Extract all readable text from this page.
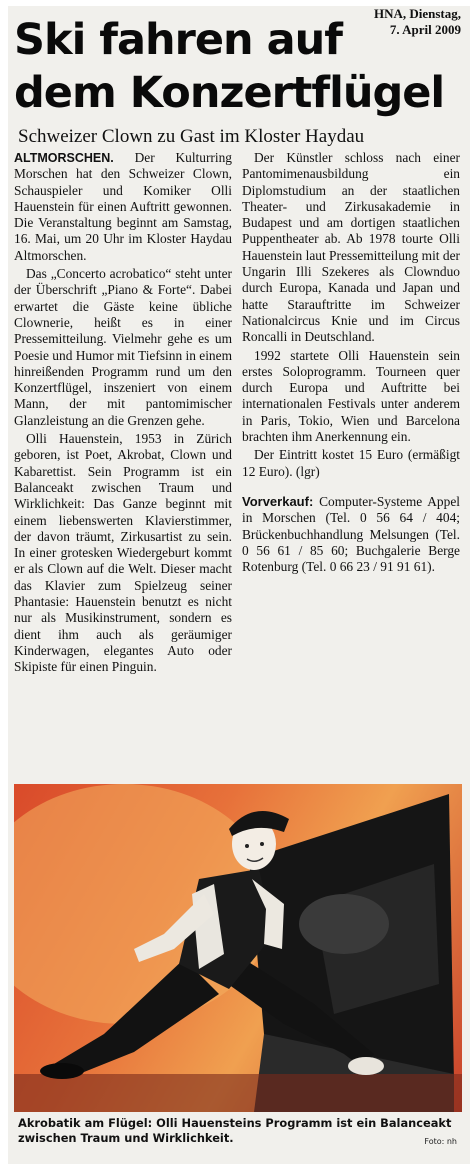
HNA, Dienstag,
7. April 2009
Ski fahren auf
dem Konzertflügel
Schweizer Clown zu Gast im Kloster Haydau

ALTMORSCHEN. Der Kulturring Morschen hat den Schweizer Clown, Schauspieler und Komiker Olli Hauenstein für einen Auftritt gewonnen. Die Veranstaltung beginnt am Samstag, 16. Mai, um 20 Uhr im Kloster Haydau Altmorschen.

Das „Concerto acrobatico“ steht unter der Überschrift „Piano & Forte“. Dabei erwartet die Gäste keine übliche Clownerie, heißt es in einer Pressemitteilung. Vielmehr gehe es um Poesie und Humor mit Tiefsinn in einem hinreißenden Programm rund um den Konzertflügel, inszeniert von einem Mann, der mit pantomimischer Glanzleistung an die Grenzen gehe.

Olli Hauenstein, 1953 in Zürich geboren, ist Poet, Akrobat, Clown und Kabarettist. Sein Programm ist ein Balanceakt zwischen Traum und Wirklichkeit: Das Ganze beginnt mit einem liebenswerten Klavierstimmer, der davon träumt, Zirkusartist zu sein. In einer grotesken Wiedergeburt kommt er als Clown auf die Welt. Dieser macht das Klavier zum Spielzeug seiner Phantasie: Hauenstein benutzt es nicht nur als Musikinstrument, sondern es dient ihm auch als geräumiger Kinderwagen, elegantes Auto oder Skipiste für einen Pinguin.

Der Künstler schloss nach einer Pantomimenausbildung ein Diplomstudium an der staatlichen Theater- und Zirkusakademie in Budapest und am dortigen staatlichen Puppentheater ab. Ab 1978 tourte Olli Hauenstein laut Pressemitteilung mit der Ungarin Illi Szekeres als Clownduo durch Europa, Kanada und Japan und hatte Starauftritte im Schweizer Nationalcircus Knie und im Circus Roncalli in Deutschland.

1992 startete Olli Hauenstein sein erstes Soloprogramm. Tourneen quer durch Europa und Auftritte bei internationalen Festivals unter anderem in Paris, Tokio, Wien und Barcelona brachten ihm Anerkennung ein.

Der Eintritt kostet 15 Euro (ermäßigt 12 Euro). (lgr)

Vorverkauf: Computer-Systeme Appel in Morschen (Tel. 0 56 64 / 404; Brückenbuchhandlung Melsungen (Tel. 0 56 61 / 85 60; Buchgalerie Berge Rotenburg (Tel. 0 66 23 / 91 91 61).

Akrobatik am Flügel: Olli Hauensteins Programm ist ein Balanceakt zwischen Traum und Wirklichkeit.	Foto: nh
